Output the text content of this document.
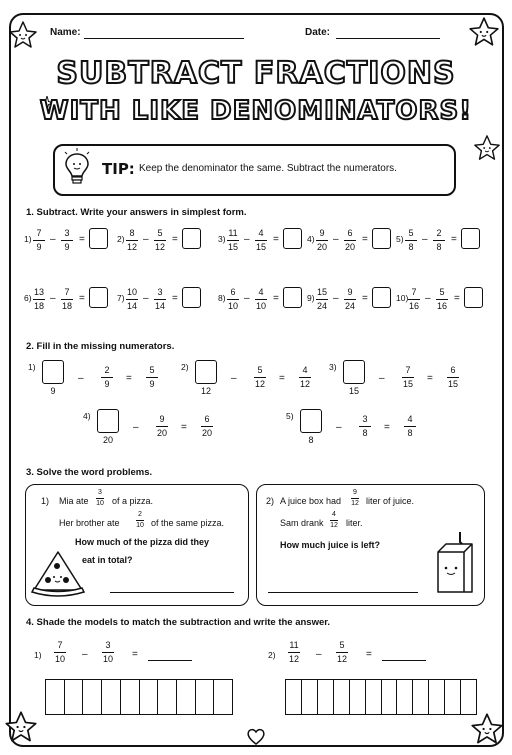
Name:	Date:
SUBTRACT FRACTIONS
WITH LIKE DENOMINATORS!
TIP: Keep the denominator the same. Subtract the numerators.
1. Subtract. Write your answers in simplest form.
1)
7
9
–
3
9
=	2)
8
12
–
5
12
=	3)
11
15
–
4
15
=	4)
9
20
–
6
20
=	5)
5
8
–
2
8
=
6)
13
18
–
7
18
=	7)
10
14
–
3
14
=	8)
6
10
–
4
10
=	9)
15
24
–
9
24
=	10)
7
16
–
5
16
=
2. Fill in the missing numerators.
1)
9
–
2
9 =
5
9
2)
12
–
5
12 =
4
12
3)
15
–
7
15 =
6
15
4)
20
–
9
20 =
6
20
5)
8
–
3
8 =
4
8
3. Solve the word problems.
1) Mia ate
3
10 of a pizza.
Her brother ate
2
10 of the same pizza.
How much of the pizza did they
eat in total?
2) A juice box had
9
12 liter of juice.
Sam drank
4
12 liter.
How much juice is left?
4. Shade the models to match the subtraction and write the answer.
1)
7
10 –
3
10 =	2)
11
12 –
5
12 =
